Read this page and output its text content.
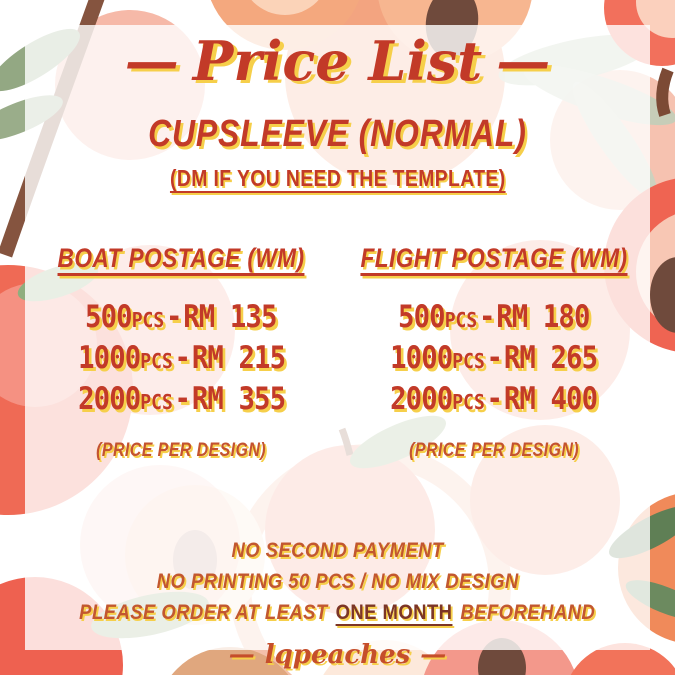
— Price List —
CUPSLEEVE (NORMAL)
(DM IF YOU NEED THE TEMPLATE)
BOAT POSTAGE (WM)
500PCS-RM 135
1000PCS-RM 215
2000PCS-RM 355
(PRICE PER DESIGN)
FLIGHT POSTAGE (WM)
500PCS-RM 180
1000PCS-RM 265
2000PCS-RM 400
(PRICE PER DESIGN)
NO SECOND PAYMENT
NO PRINTING 50 PCS / NO MIX DESIGN
PLEASE ORDER AT LEAST ONE MONTH BEFOREHAND
— lqpeaches —
